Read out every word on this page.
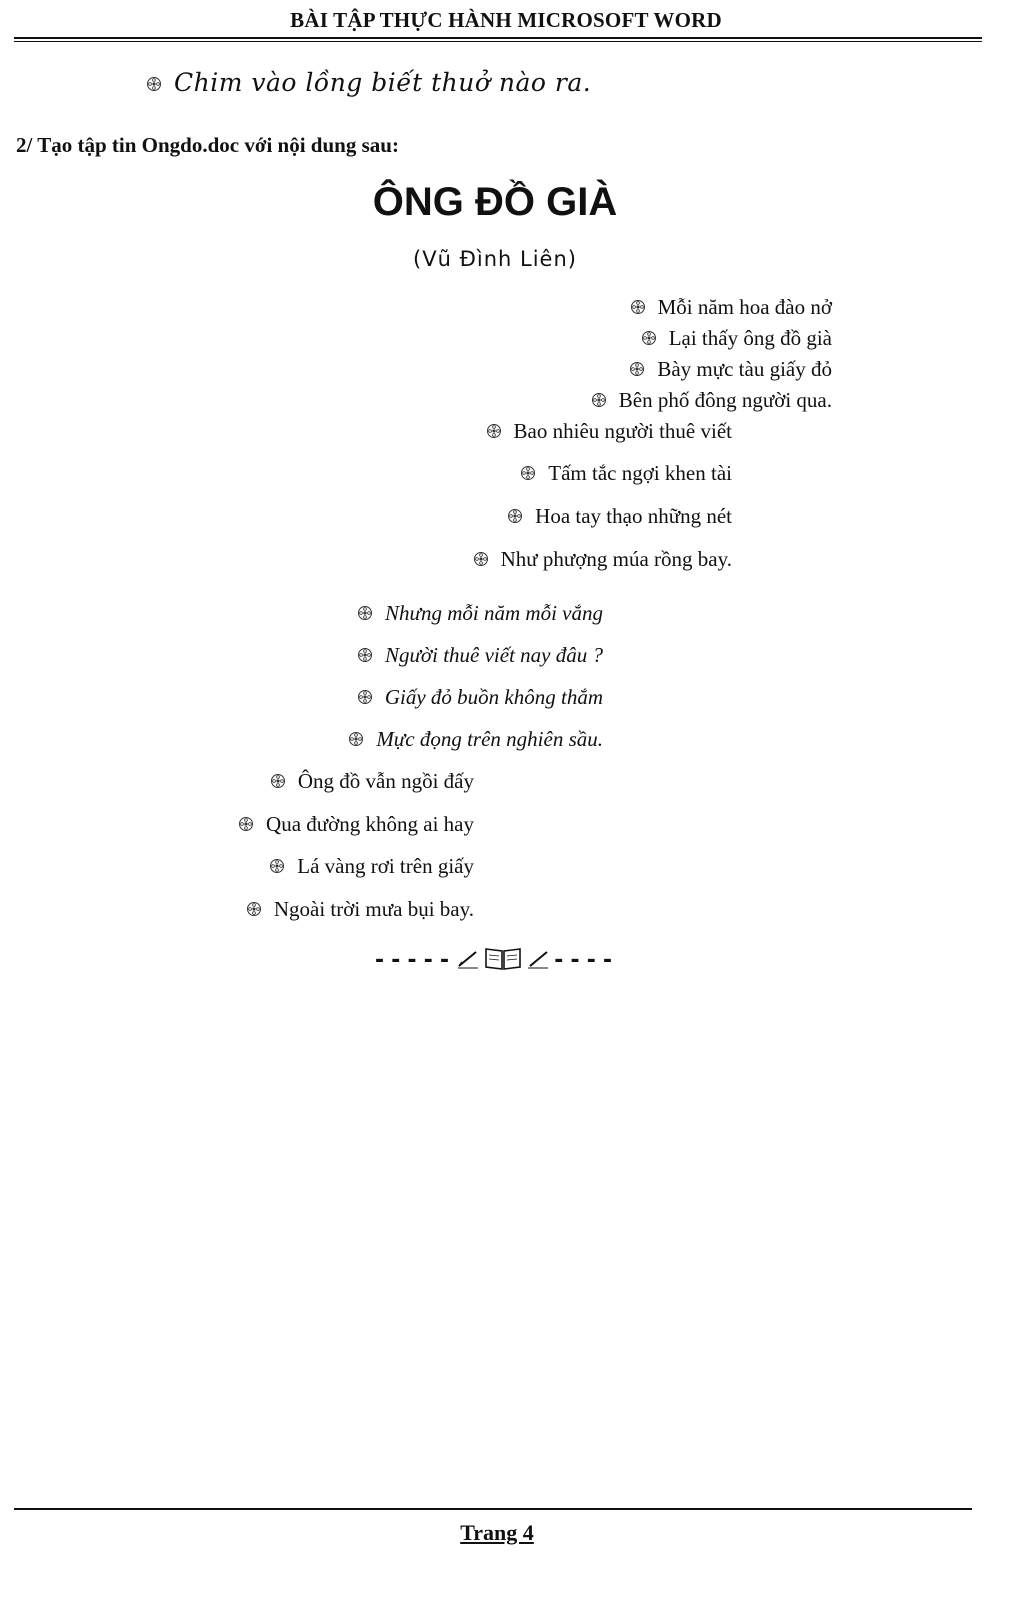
BÀI TẬP THỰC HÀNH MICROSOFT WORD
Chim vào lồng biết thuở nào ra.
2/ Tạo tập tin Ongdo.doc với nội dung sau:
ÔNG ĐỒ GIÀ
(Vũ Đình Liên)
Mỗi năm hoa đào nở
Lại thấy ông đồ già
Bày mực tàu giấy đỏ
Bên phố đông người qua.
Bao nhiêu người thuê viết
Tấm tắc ngợi khen tài
Hoa tay thạo những nét
Như phượng múa rồng bay.
Nhưng mỗi năm mỗi vắng
Người thuê viết nay đâu ?
Giấy đỏ buồn không thắm
Mực đọng trên nghiên sầu.
Ông đồ vẫn ngồi đấy
Qua đường không ai hay
Lá vàng rơi trên giấy
Ngoài trời mưa bụi bay.
-----	----
Trang 4
